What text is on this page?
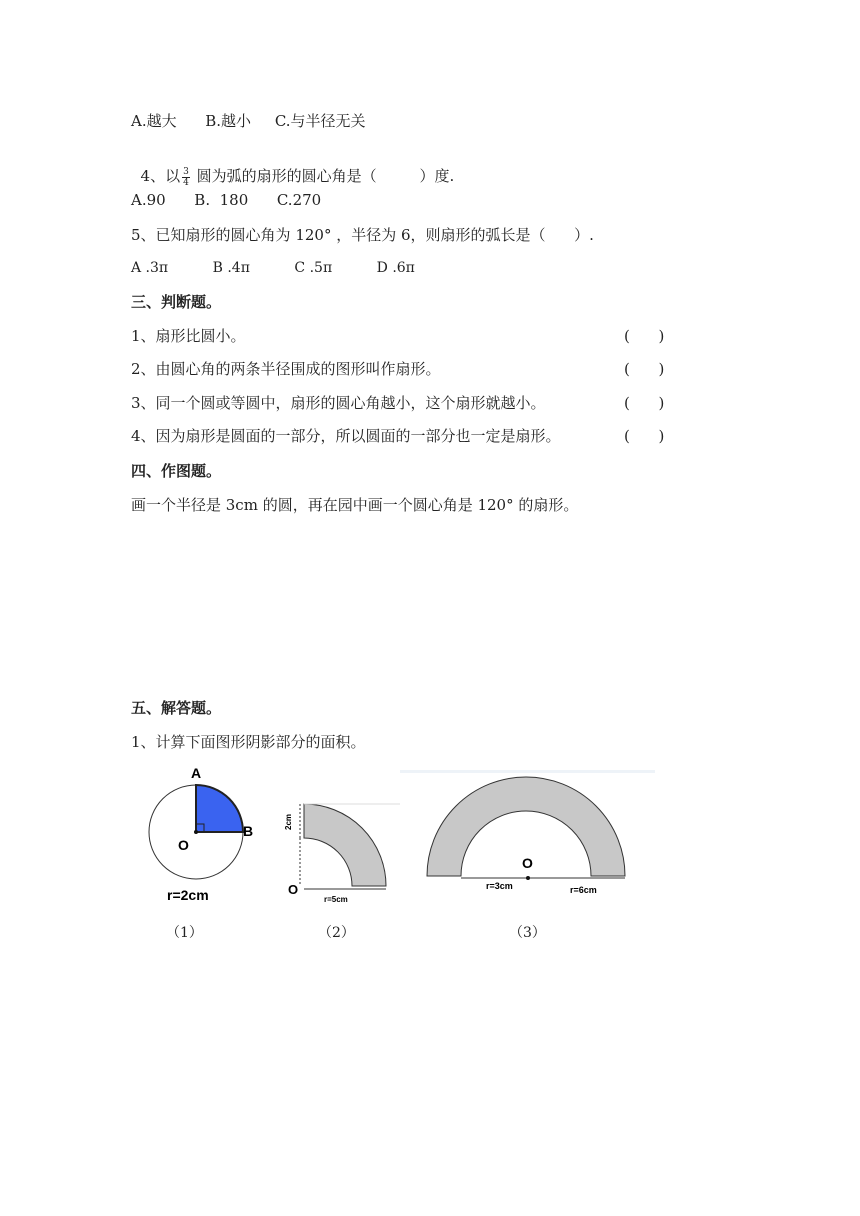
A.越大      B.越小     C.与半径无关

4、以 $\frac{3}{4}$ 圆为弧的扇形的圆心角是（         ）度.

A.90      B.  180      C.270
5、已知扇形的圆心角为 120° ，半径为 6，则扇形的弧长是（      ）.
A .3π          B .4π          C .5π          D .6π
三、判断题。
1、扇形比圆小。	(      )
2、由圆心角的两条半径围成的图形叫作扇形。	(      )
3、同一个圆或等圆中，扇形的圆心角越小，这个扇形就越小。	(      )
4、因为扇形是圆面的一部分，所以圆面的一部分也一定是扇形。	(      )
四、作图题。
画一个半径是 3cm 的圆，再在园中画一个圆心角是 120° 的扇形。
五、解答题。
1、计算下面图形阴影部分的面积。
A
B
O
r=2cm
（1）
2cm
O
r=5cm
（2）
O
r=3cm	r=6cm
（3）
